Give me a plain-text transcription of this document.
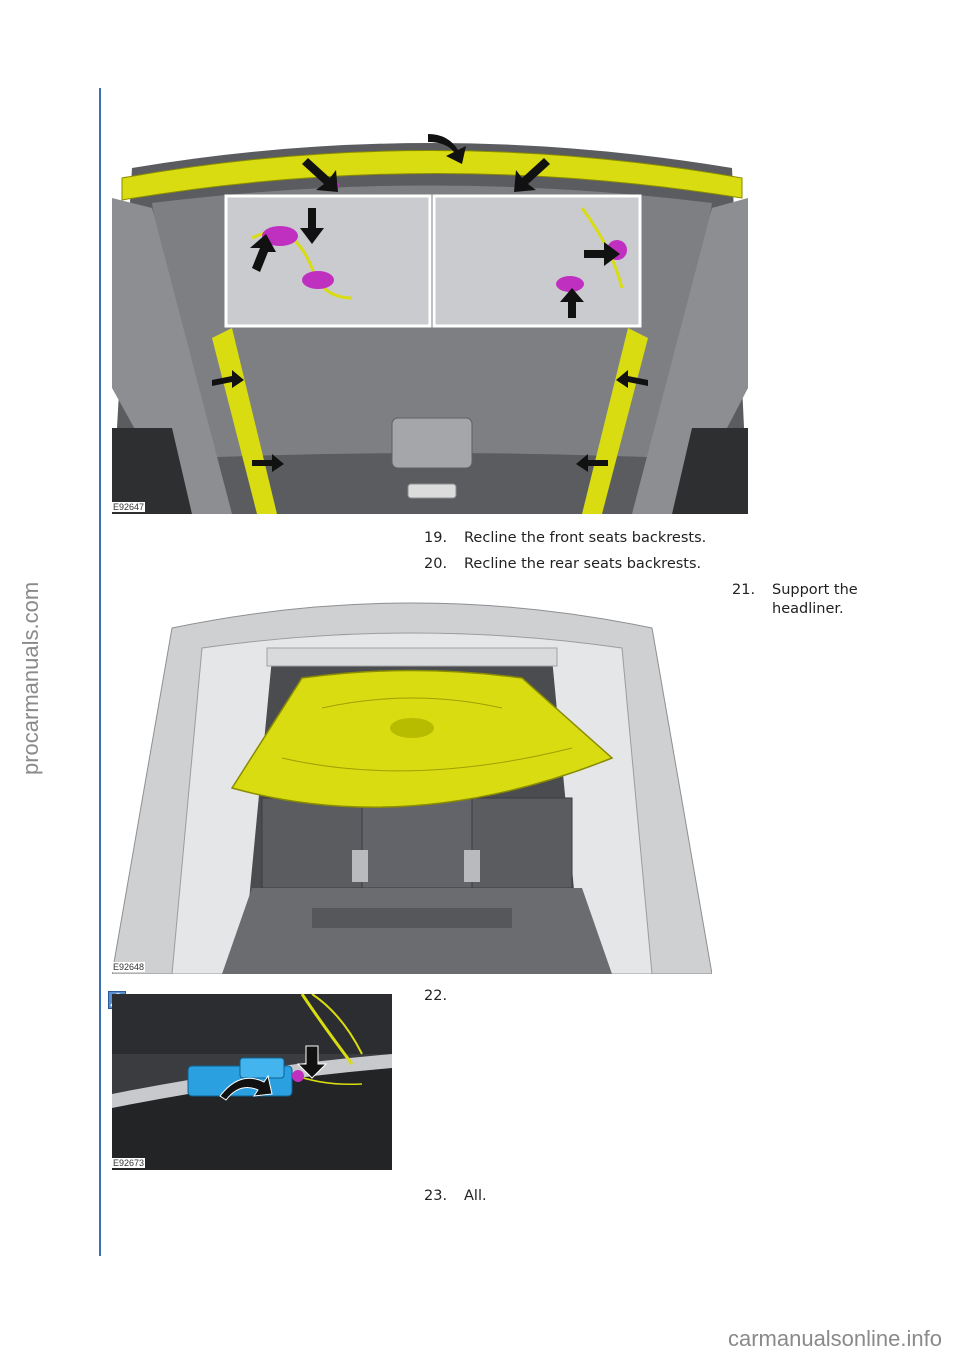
procarmanuals.com
E92647
19. Recline the front seats backrests.
20. Recline the rear seats backrests.
21. Support the
headliner.
E92648
22.
E92673
23. All.
carmanualsonline.info
